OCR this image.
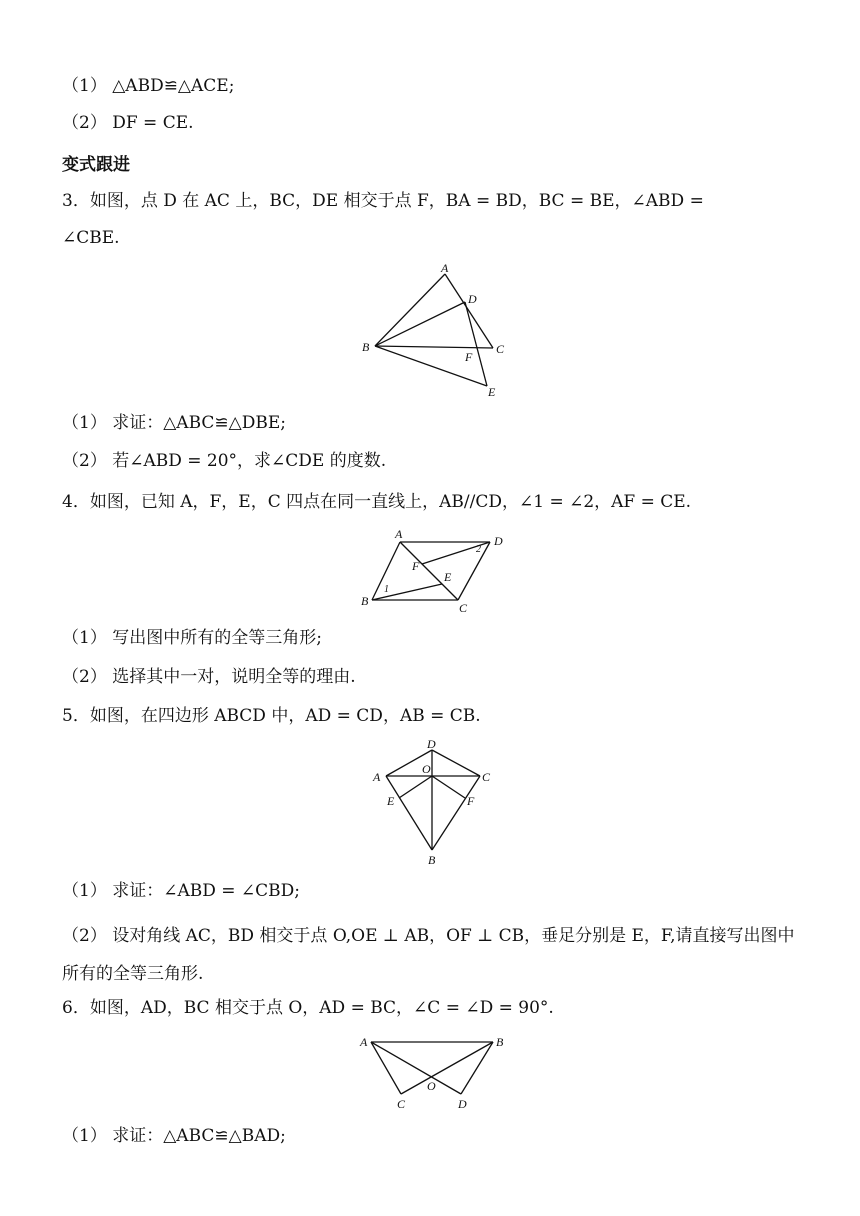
（1） △ABD≌△ACE;
（2） DF = CE.
变式跟进
3．如图，点 D 在 AC 上，BC，DE 相交于点 F，BA = BD，BC = BE，∠ABD =
∠CBE.
A
B	C
D
E
F
（1） 求证：△ABC≌△DBE;
（2） 若∠ABD = 20°，求∠CDE 的度数.
4．如图，已知 A，F，E，C 四点在同一直线上，AB//CD，∠1 = ∠2，AF = CE.
A
B	C
D
E
F
1
2
（1） 写出图中所有的全等三角形;
（2） 选择其中一对，说明全等的理由.
5．如图，在四边形 ABCD 中，AD = CD，AB = CB.
D
A	C
O
E	F
B
（1） 求证：∠ABD = ∠CBD;
（2） 设对角线 AC，BD 相交于点 O,OE ⊥ AB，OF ⊥ CB，垂足分别是 E，F,请直接写出图中所有的全等三角形.
6．如图，AD，BC 相交于点 O，AD = BC，∠C = ∠D = 90°.
A	B
C	D
O
（1） 求证：△ABC≌△BAD;
